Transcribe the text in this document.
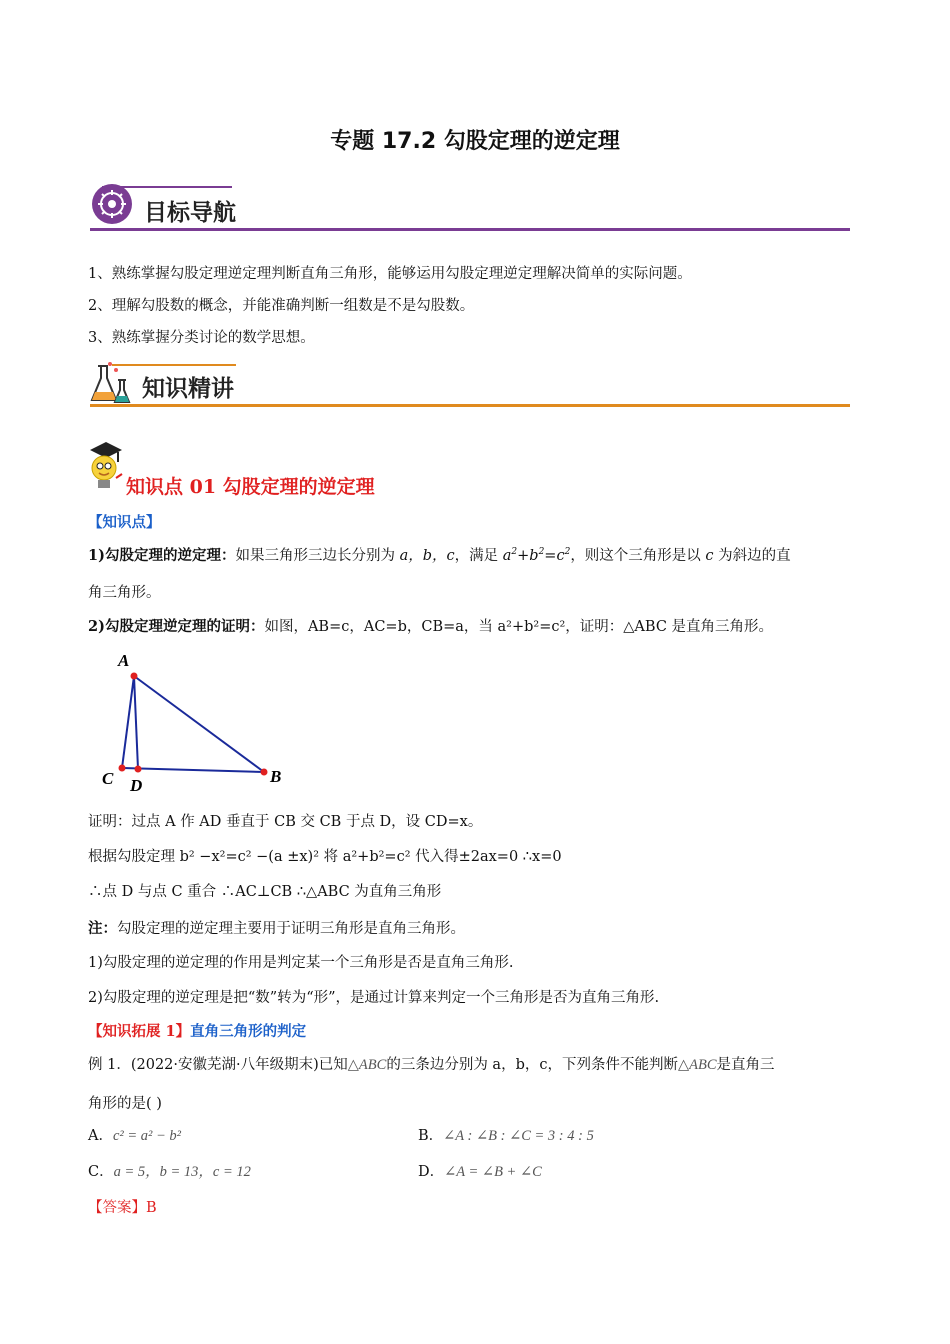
专题 17.2 勾股定理的逆定理
目标导航
1、熟练掌握勾股定理逆定理判断直角三角形，能够运用勾股定理逆定理解决简单的实际问题。
2、理解勾股数的概念，并能准确判断一组数是不是勾股数。
3、熟练掌握分类讨论的数学思想。
知识精讲
知识点 01 勾股定理的逆定理
【知识点】
1)勾股定理的逆定理：如果三角形三边长分别为 a，b，c，满足 $a^2+b^2=c^2$，则这个三角形是以 c 为斜边的直
角三角形。
2)勾股定理逆定理的证明：如图，AB=c，AC=b，CB=a，当 a²+b²=c²，证明：△ABC 是直角三角形。
A
C D	B
证明：过点 A 作 AD 垂直于 CB 交 CB 于点 D，设 CD=x。
根据勾股定理 b² −x²=c² −(a ±x)² 将 a²+b²=c² 代入得±2ax=0 ∴x=0
∴点 D 与点 C 重合 ∴AC⊥CB ∴△ABC 为直角三角形
注：勾股定理的逆定理主要用于证明三角形是直角三角形。
1)勾股定理的逆定理的作用是判定某一个三角形是否是直角三角形.
2)勾股定理的逆定理是把“数”转为“形”，是通过计算来判定一个三角形是否为直角三角形.
【知识拓展 1】直角三角形的判定
例 1．(2022·安徽芜湖·八年级期末)已知△ABC的三条边分别为 a，b，c，下列条件不能判断△ABC是直角三
角形的是( )
A．c² = a² − b²	B．∠A : ∠B : ∠C = 3 : 4 : 5
C．a = 5，b = 13，c = 12	D．∠A = ∠B + ∠C
【答案】B
